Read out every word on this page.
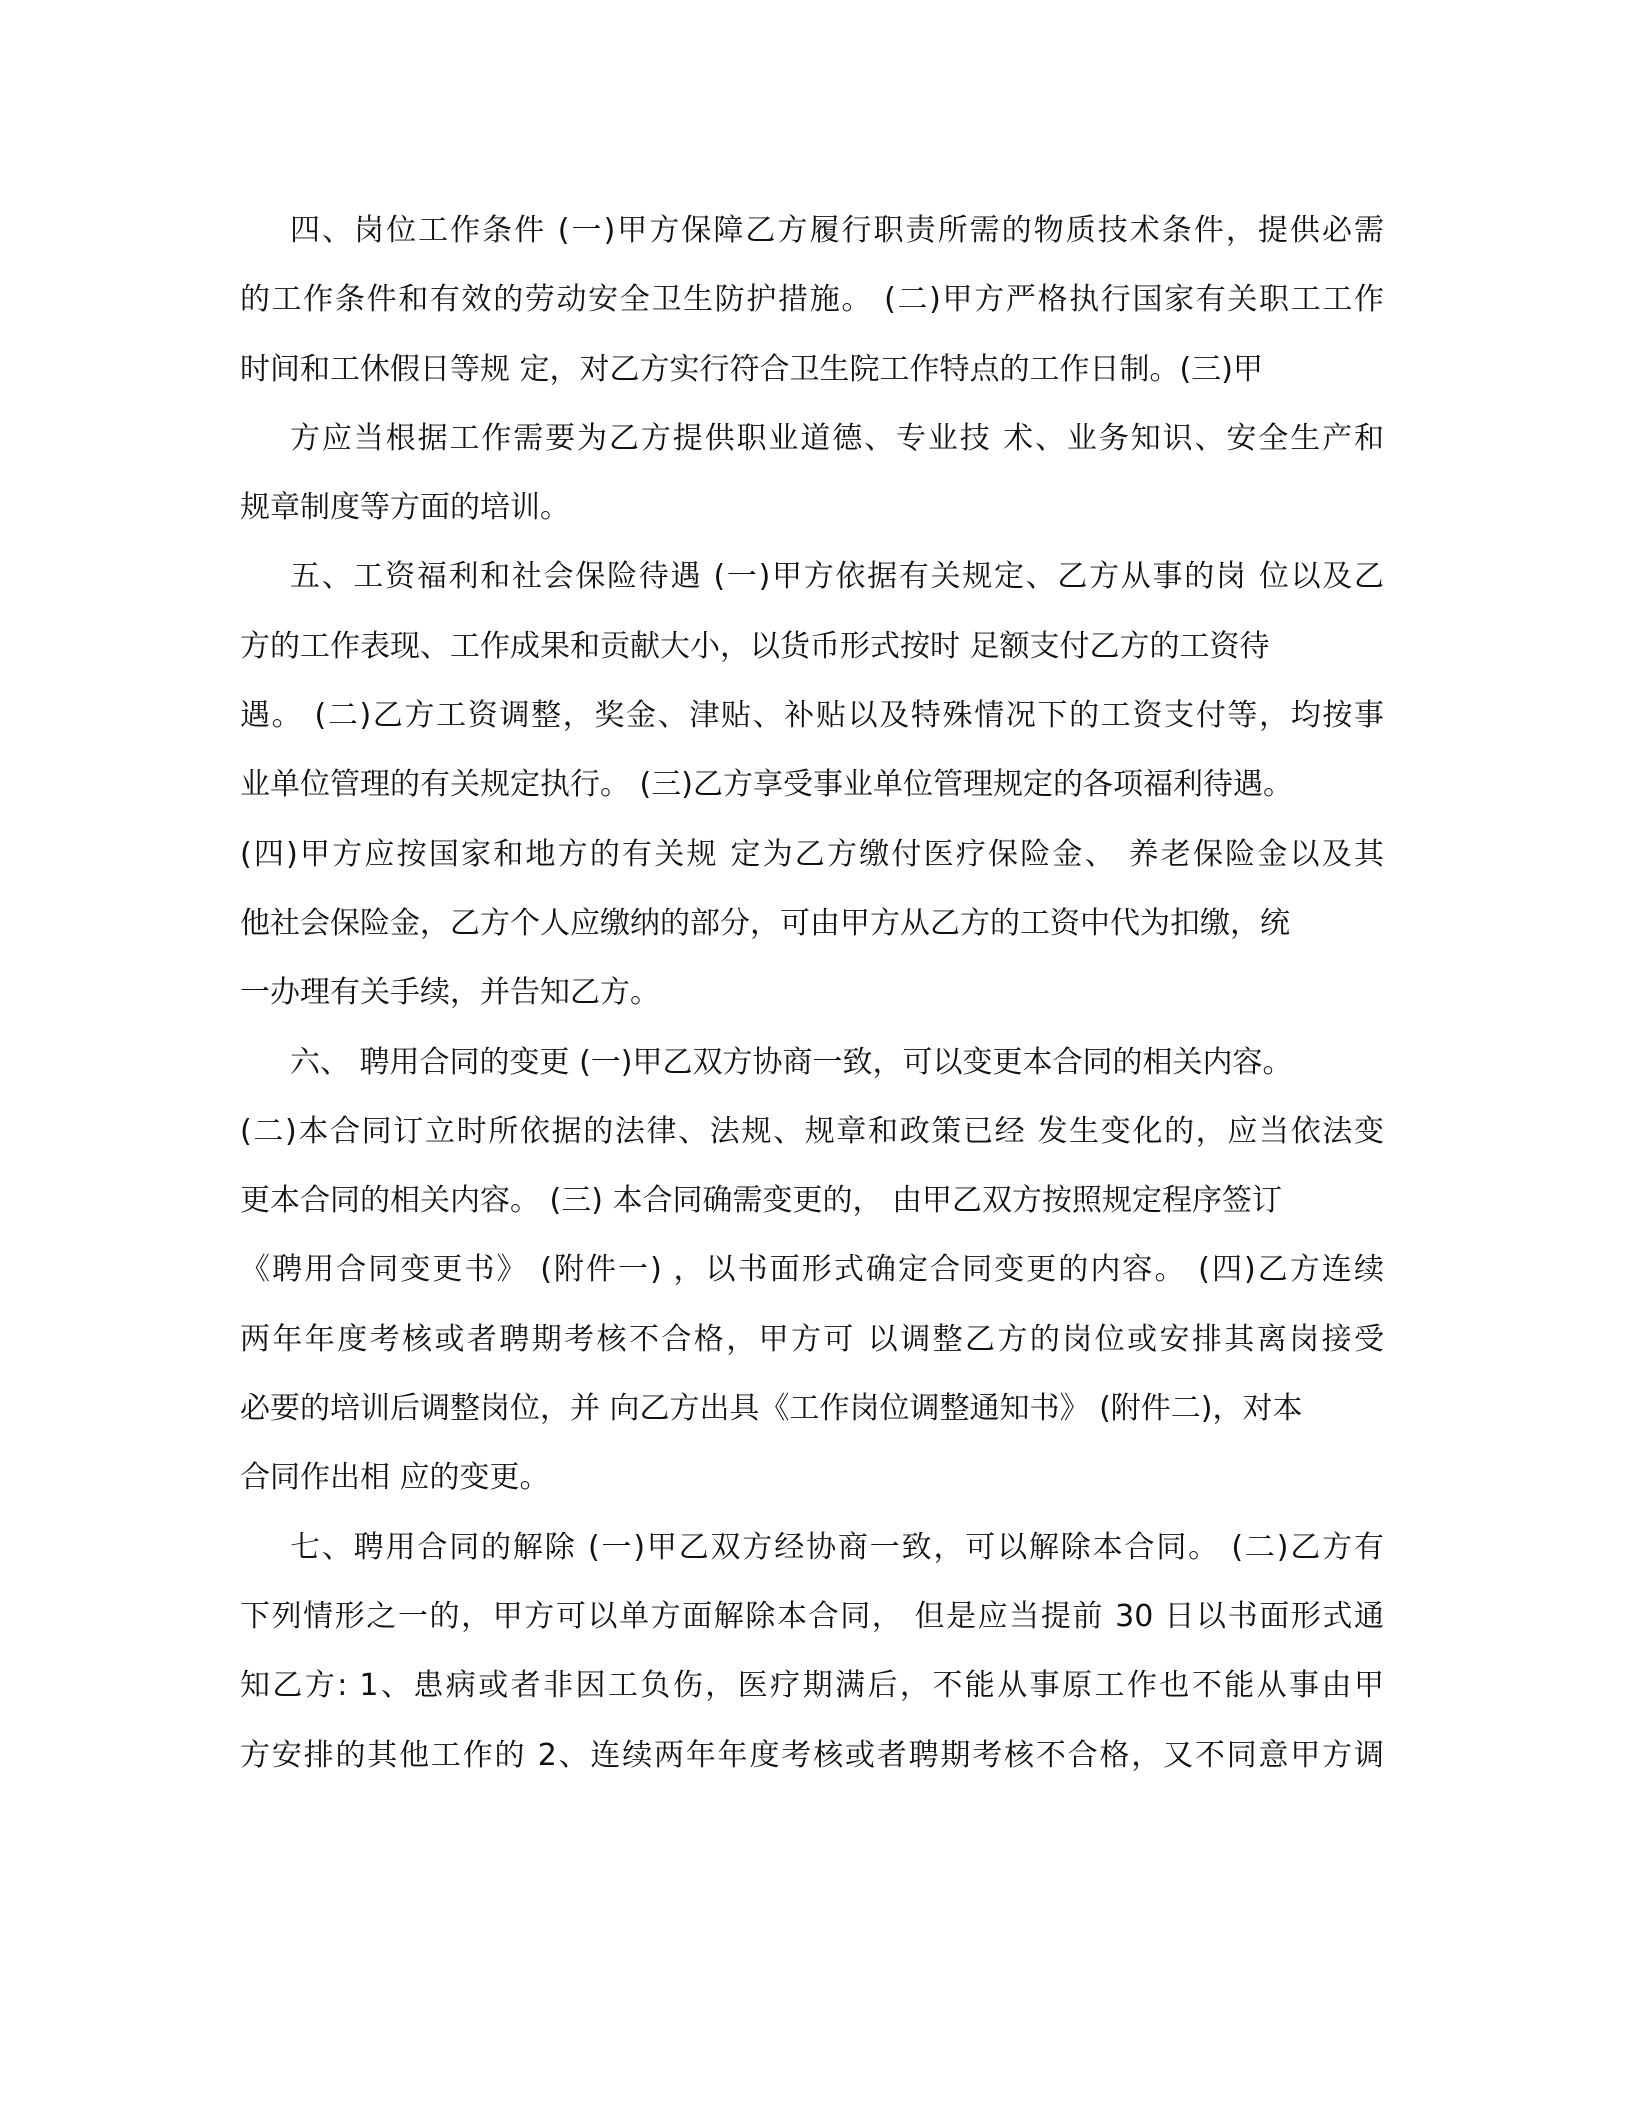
四、岗位工作条件 (一)甲方保障乙方履行职责所需的物质技术条件，提供必需
的工作条件和有效的劳动安全卫生防护措施。 (二)甲方严格执行国家有关职工工作
时间和工休假日等规 定，对乙方实行符合卫生院工作特点的工作日制。(三)甲
方应当根据工作需要为乙方提供职业道德、专业技 术、业务知识、安全生产和
规章制度等方面的培训。
五、工资福利和社会保险待遇 (一)甲方依据有关规定、乙方从事的岗 位以及乙
方的工作表现、工作成果和贡献大小，以货币形式按时 足额支付乙方的工资待
遇。 (二)乙方工资调整，奖金、津贴、补贴以及特殊情况下的工资支付等，均按事
业单位管理的有关规定执行。 (三)乙方享受事业单位管理规定的各项福利待遇。
(四)甲方应按国家和地方的有关规 定为乙方缴付医疗保险金、 养老保险金以及其
他社会保险金，乙方个人应缴纳的部分，可由甲方从乙方的工资中代为扣缴，统
一办理有关手续，并告知乙方。
六、 聘用合同的变更 (一)甲乙双方协商一致，可以变更本合同的相关内容。
(二)本合同订立时所依据的法律、法规、规章和政策已经 发生变化的，应当依法变
更本合同的相关内容。 (三) 本合同确需变更的， 由甲乙双方按照规定程序签订
《聘用合同变更书》 (附件一) ，以书面形式确定合同变更的内容。 (四)乙方连续
两年年度考核或者聘期考核不合格，甲方可 以调整乙方的岗位或安排其离岗接受
必要的培训后调整岗位，并 向乙方出具《工作岗位调整通知书》 (附件二)，对本
合同作出相 应的变更。
七、聘用合同的解除 (一)甲乙双方经协商一致，可以解除本合同。 (二)乙方有
下列情形之一的，甲方可以单方面解除本合同， 但是应当提前 30 日以书面形式通
知乙方: 1、患病或者非因工负伤，医疗期满后，不能从事原工作也不能从事由甲
方安排的其他工作的 2、连续两年年度考核或者聘期考核不合格，又不同意甲方调
